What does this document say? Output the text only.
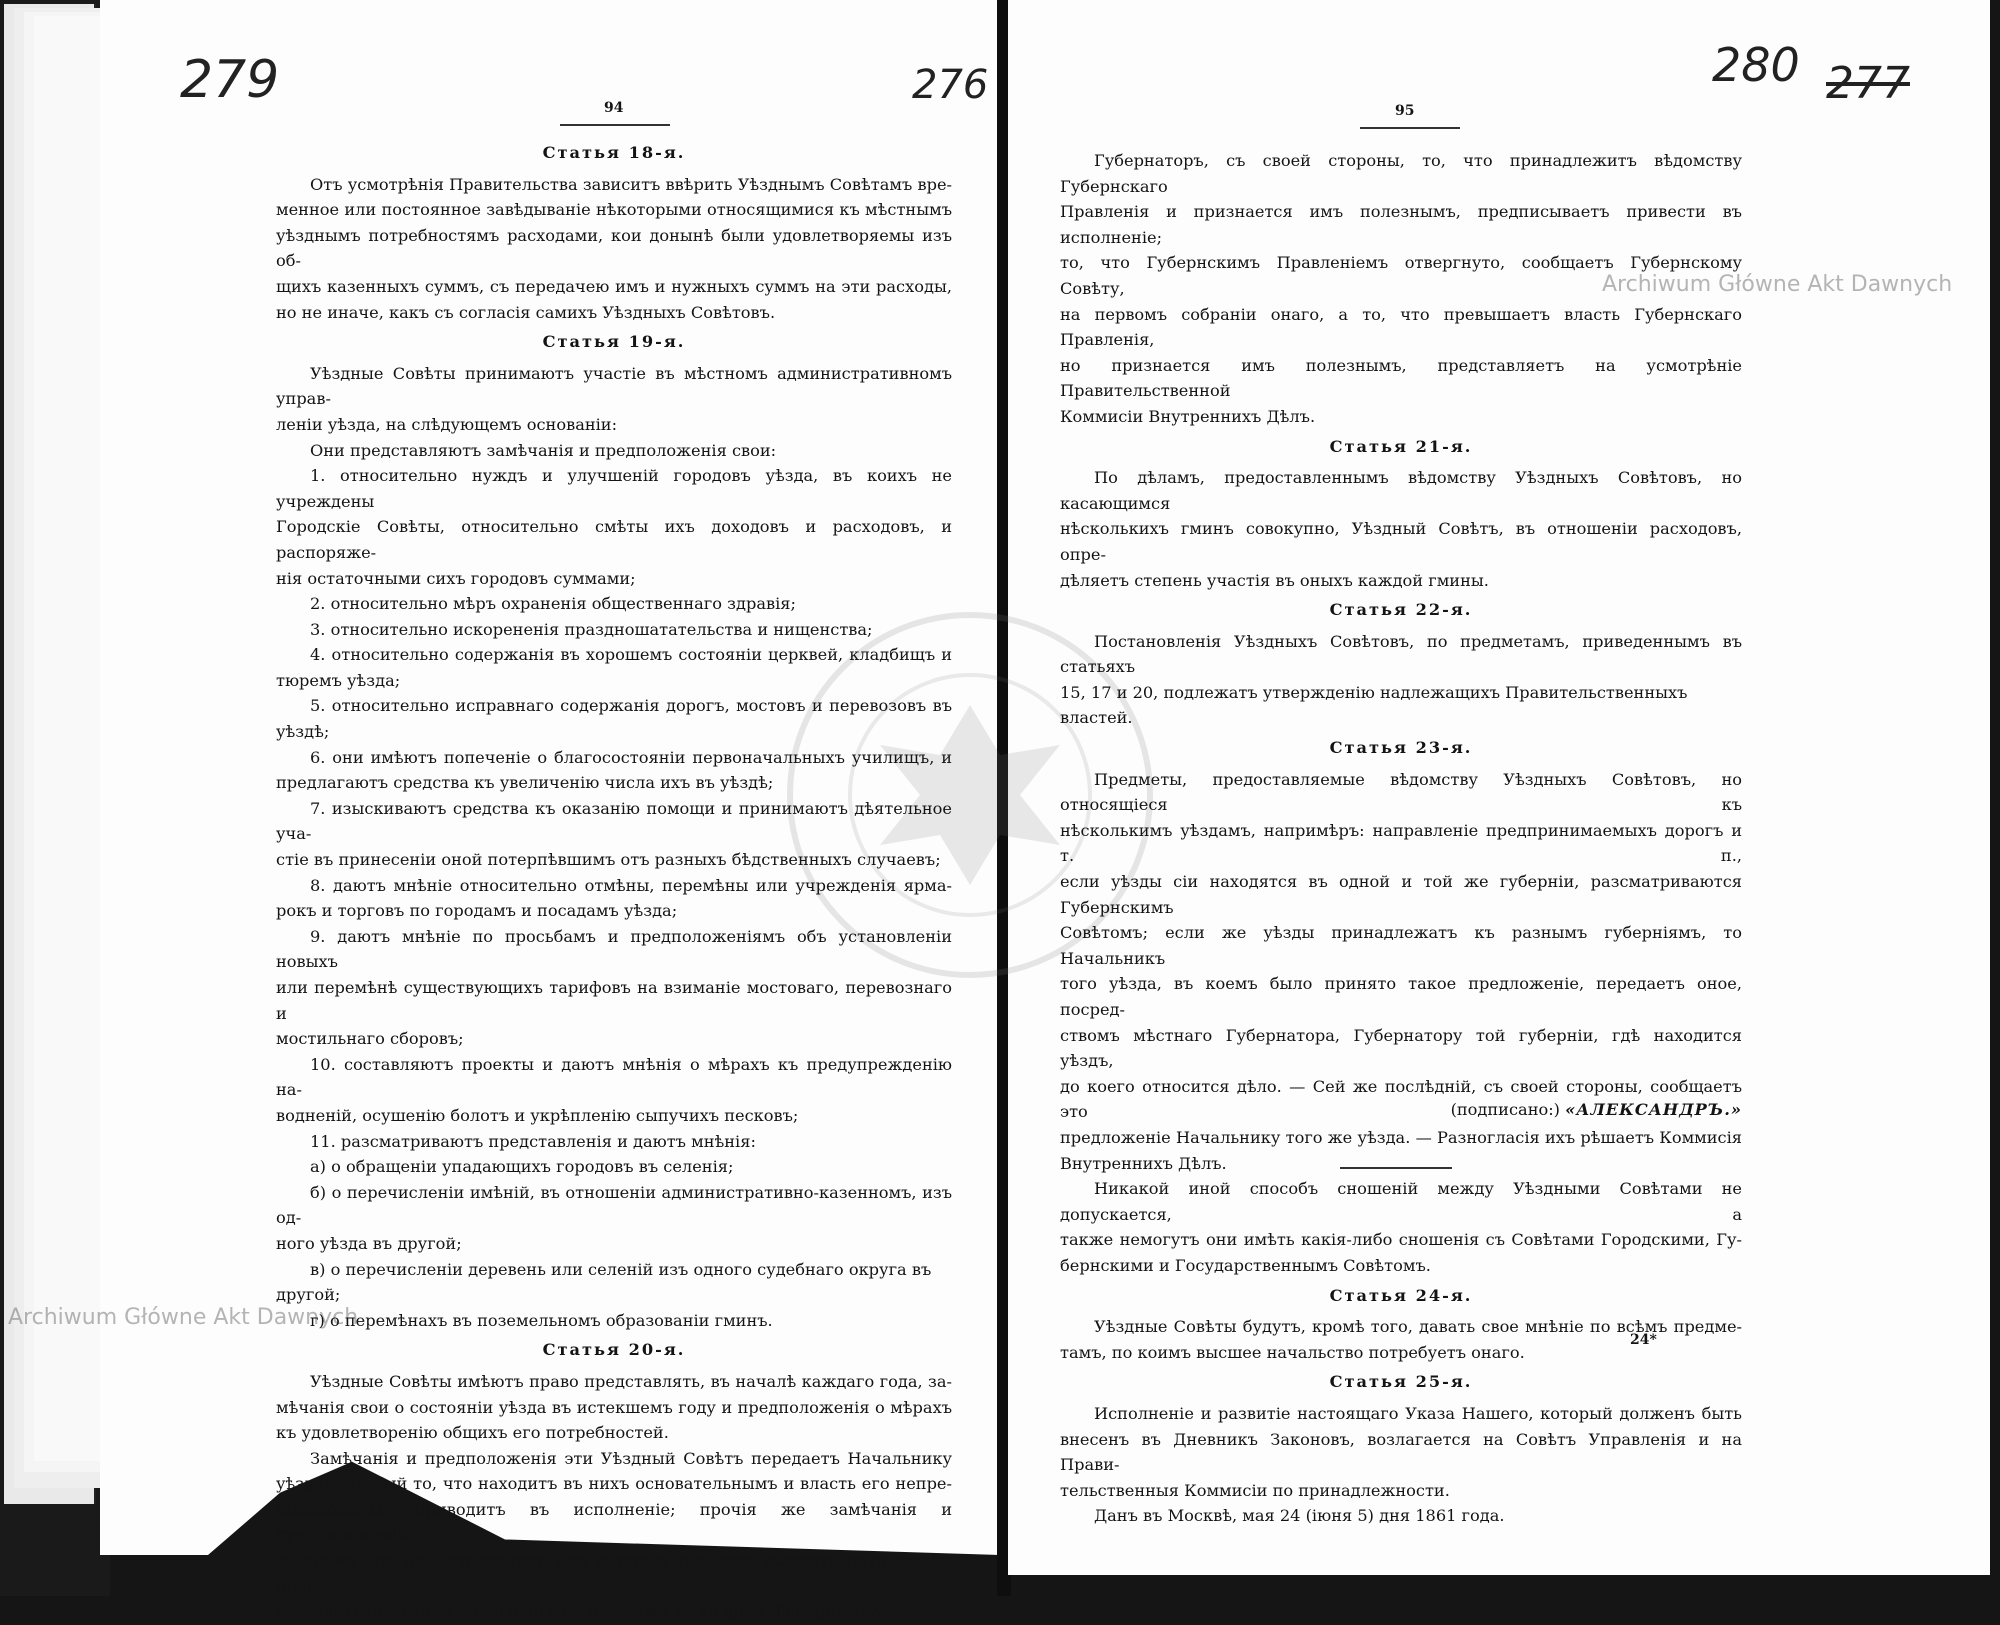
279	276	280 277
94	95
Archiwum Główne Akt Dawnych
Archiwum Główne Akt Dawnych

Статья 18-я.

Отъ усмотрѣнія Правительства зависитъ ввѣрить Уѣзднымъ Совѣтамъ вре-

менное или постоянное завѣдываніе нѣкоторыми относящимися къ мѣстнымъ

уѣзднымъ потребностямъ расходами, кои донынѣ были удовлетворяемы изъ об-

щихъ казенныхъ суммъ, съ передачею имъ и нужныхъ суммъ на эти расходы,

но не иначе, какъ съ согласія самихъ Уѣздныхъ Совѣтовъ.

Статья 19-я.

Уѣздные Совѣты принимаютъ участіе въ мѣстномъ административномъ управ-

леніи уѣзда, на слѣдующемъ основаніи:

Они представляютъ замѣчанія и предположенія свои:

1. относительно нуждъ и улучшеній городовъ уѣзда, въ коихъ не учреждены

Городскіе Совѣты, относительно смѣты ихъ доходовъ и расходовъ, и распоряже-

нія остаточными сихъ городовъ суммами;

2. относительно мѣръ охраненія общественнаго здравія;

3. относительно искорененія праздношатательства и нищенства;

4. относительно содержанія въ хорошемъ состояніи церквей, кладбищъ и

тюремъ уѣзда;

5. относительно исправнаго содержанія дорогъ, мостовъ и перевозовъ въ

уѣздѣ;

6. они имѣютъ попеченіе о благосостояніи первоначальныхъ училищъ, и

предлагаютъ средства къ увеличенію числа ихъ въ уѣздѣ;

7. изыскиваютъ средства къ оказанію помощи и принимаютъ дѣятельное уча-

стіе въ принесеніи оной потерпѣвшимъ отъ разныхъ бѣдственныхъ случаевъ;

8. даютъ мнѣніе относительно отмѣны, перемѣны или учрежденія ярма-

рокъ и торговъ по городамъ и посадамъ уѣзда;

9. даютъ мнѣніе по просьбамъ и предположеніямъ объ установленіи новыхъ

или перемѣнѣ существующихъ тарифовъ на взиманіе мостоваго, перевознаго и

мостильнаго сборовъ;

10. составляютъ проекты и даютъ мнѣнія о мѣрахъ къ предупрежденію на-

водненій, осушенію болотъ и укрѣпленію сыпучихъ песковъ;

11. разсматриваютъ представленія и даютъ мнѣнія:

а) о обращеніи упадающихъ городовъ въ селенія;

б) о перечисленіи имѣній, въ отношеніи административно-казенномъ, изъ од-

ного уѣзда въ другой;

в) о перечисленіи деревень или селеній изъ одного судебнаго округа въ другой;

г) о перемѣнахъ въ поземельномъ образованіи гминъ.

Статья 20-я.

Уѣздные Совѣты имѣютъ право представлять, въ началѣ каждаго года, за-

мѣчанія свои о состояніи уѣзда въ истекшемъ году и предположенія о мѣрахъ

къ удовлетворенію общихъ его потребностей.

Замѣчанія и предположенія эти Уѣздный Совѣтъ передаетъ Начальнику

уѣзда, который то, что находитъ въ нихъ основательнымъ и власть его непре-

вышающимъ, приводитъ въ исполненіе; прочія же замѣчанія и предположенія,

съ коими онъ не соглашается, или которыя требуютъ высшаго разрѣшенія, пред-

ставляетъ съ своими объясненіями, не позже 15-ти дней, Губернатору.

Губернаторъ, съ своей стороны, то, что принадлежитъ вѣдомству Губернскаго

Правленія и признается имъ полезнымъ, предписываетъ привести въ исполненіе;

то, что Губернскимъ Правленіемъ отвергнуто, сообщаетъ Губернскому Совѣту,

на первомъ собраніи онаго, а то, что превышаетъ власть Губернскаго Правленія,

но признается имъ полезнымъ, представляетъ на усмотрѣніе Правительственной

Коммисіи Внутреннихъ Дѣлъ.

Статья 21-я.

По дѣламъ, предоставленнымъ вѣдомству Уѣздныхъ Совѣтовъ, но касающимся

нѣсколькихъ гминъ совокупно, Уѣздный Совѣтъ, въ отношеніи расходовъ, опре-

дѣляетъ степень участія въ оныхъ каждой гмины.

Статья 22-я.

Постановленія Уѣздныхъ Совѣтовъ, по предметамъ, приведеннымъ въ статьяхъ

15, 17 и 20, подлежатъ утвержденію надлежащихъ Правительственныхъ властей.

Статья 23-я.

Предметы, предоставляемые вѣдомству Уѣздныхъ Совѣтовъ, но относящіеся къ

нѣсколькимъ уѣздамъ, напримѣръ: направленіе предпринимаемыхъ дорогъ и т. п.,

если уѣзды сіи находятся въ одной и той же губерніи, разсматриваются Губернскимъ

Совѣтомъ; если же уѣзды принадлежатъ къ разнымъ губерніямъ, то Начальникъ

того уѣзда, въ коемъ было принято такое предложеніе, передаетъ оное, посред-

ствомъ мѣстнаго Губернатора, Губернатору той губерніи, гдѣ находится уѣздъ,

до коего относится дѣло. — Сей же послѣдній, съ своей стороны, сообщаетъ это

предложеніе Начальнику того же уѣзда. — Разногласія ихъ рѣшаетъ Коммисія

Внутреннихъ Дѣлъ.

Никакой иной способъ сношеній между Уѣздными Совѣтами не допускается, а

также немогутъ они имѣть какія-либо сношенія съ Совѣтами Городскими, Гу-

бернскими и Государственнымъ Совѣтомъ.

Статья 24-я.

Уѣздные Совѣты будутъ, кромѣ того, давать свое мнѣніе по всѣмъ предме-

тамъ, по коимъ высшее начальство потребуетъ онаго.

Статья 25-я.

Исполненіе и развитіе настоящаго Указа Нашего, который долженъ быть

внесенъ въ Дневникъ Законовъ, возлагается на Совѣтъ Управленія и на Прави-

тельственныя Коммисіи по принадлежности.

Данъ въ Москвѣ, мая 24 (іюня 5) дня 1861 года.

(подписано:) «АЛЕКСАНДРЪ.»
24*
